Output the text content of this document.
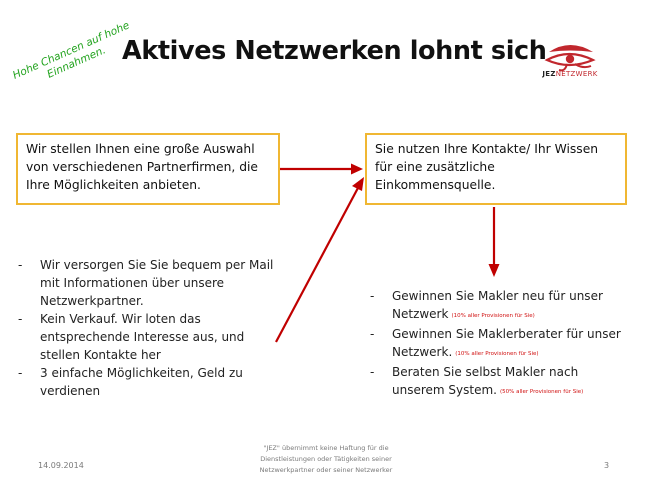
Hohe Chancen auf hohe Einnahmen. Aktives Netzwerken lohnt sich
JEZNETZWERK
Wir stellen Ihnen eine große Auswahl von verschiedenen Partnerfirmen, die Ihre Möglichkeiten anbieten.
Sie nutzen Ihre Kontakte/ Ihr Wissen für eine zusätzliche Einkommensquelle.
- Wir versorgen Sie Sie bequem per Mail mit Informationen über unsere Netzwerkpartner.
- Kein Verkauf. Wir loten das entsprechende Interesse aus, und stellen Kontakte her
- 3 einfache Möglichkeiten, Geld zu verdienen
- Gewinnen Sie Makler neu für unser Netzwerk (10% aller Provisionen für Sie)
- Gewinnen Sie Maklerberater für unser Netzwerk. (10% aller Provisionen für Sie)
- Beraten Sie selbst Makler nach unserem System. (50% aller Provisionen für Sie)
14.09.2014
"JEZ" übernimmt keine Haftung für die Dienstleistungen oder Tätigkeiten seiner Netzwerkpartner oder seiner Netzwerker	3
